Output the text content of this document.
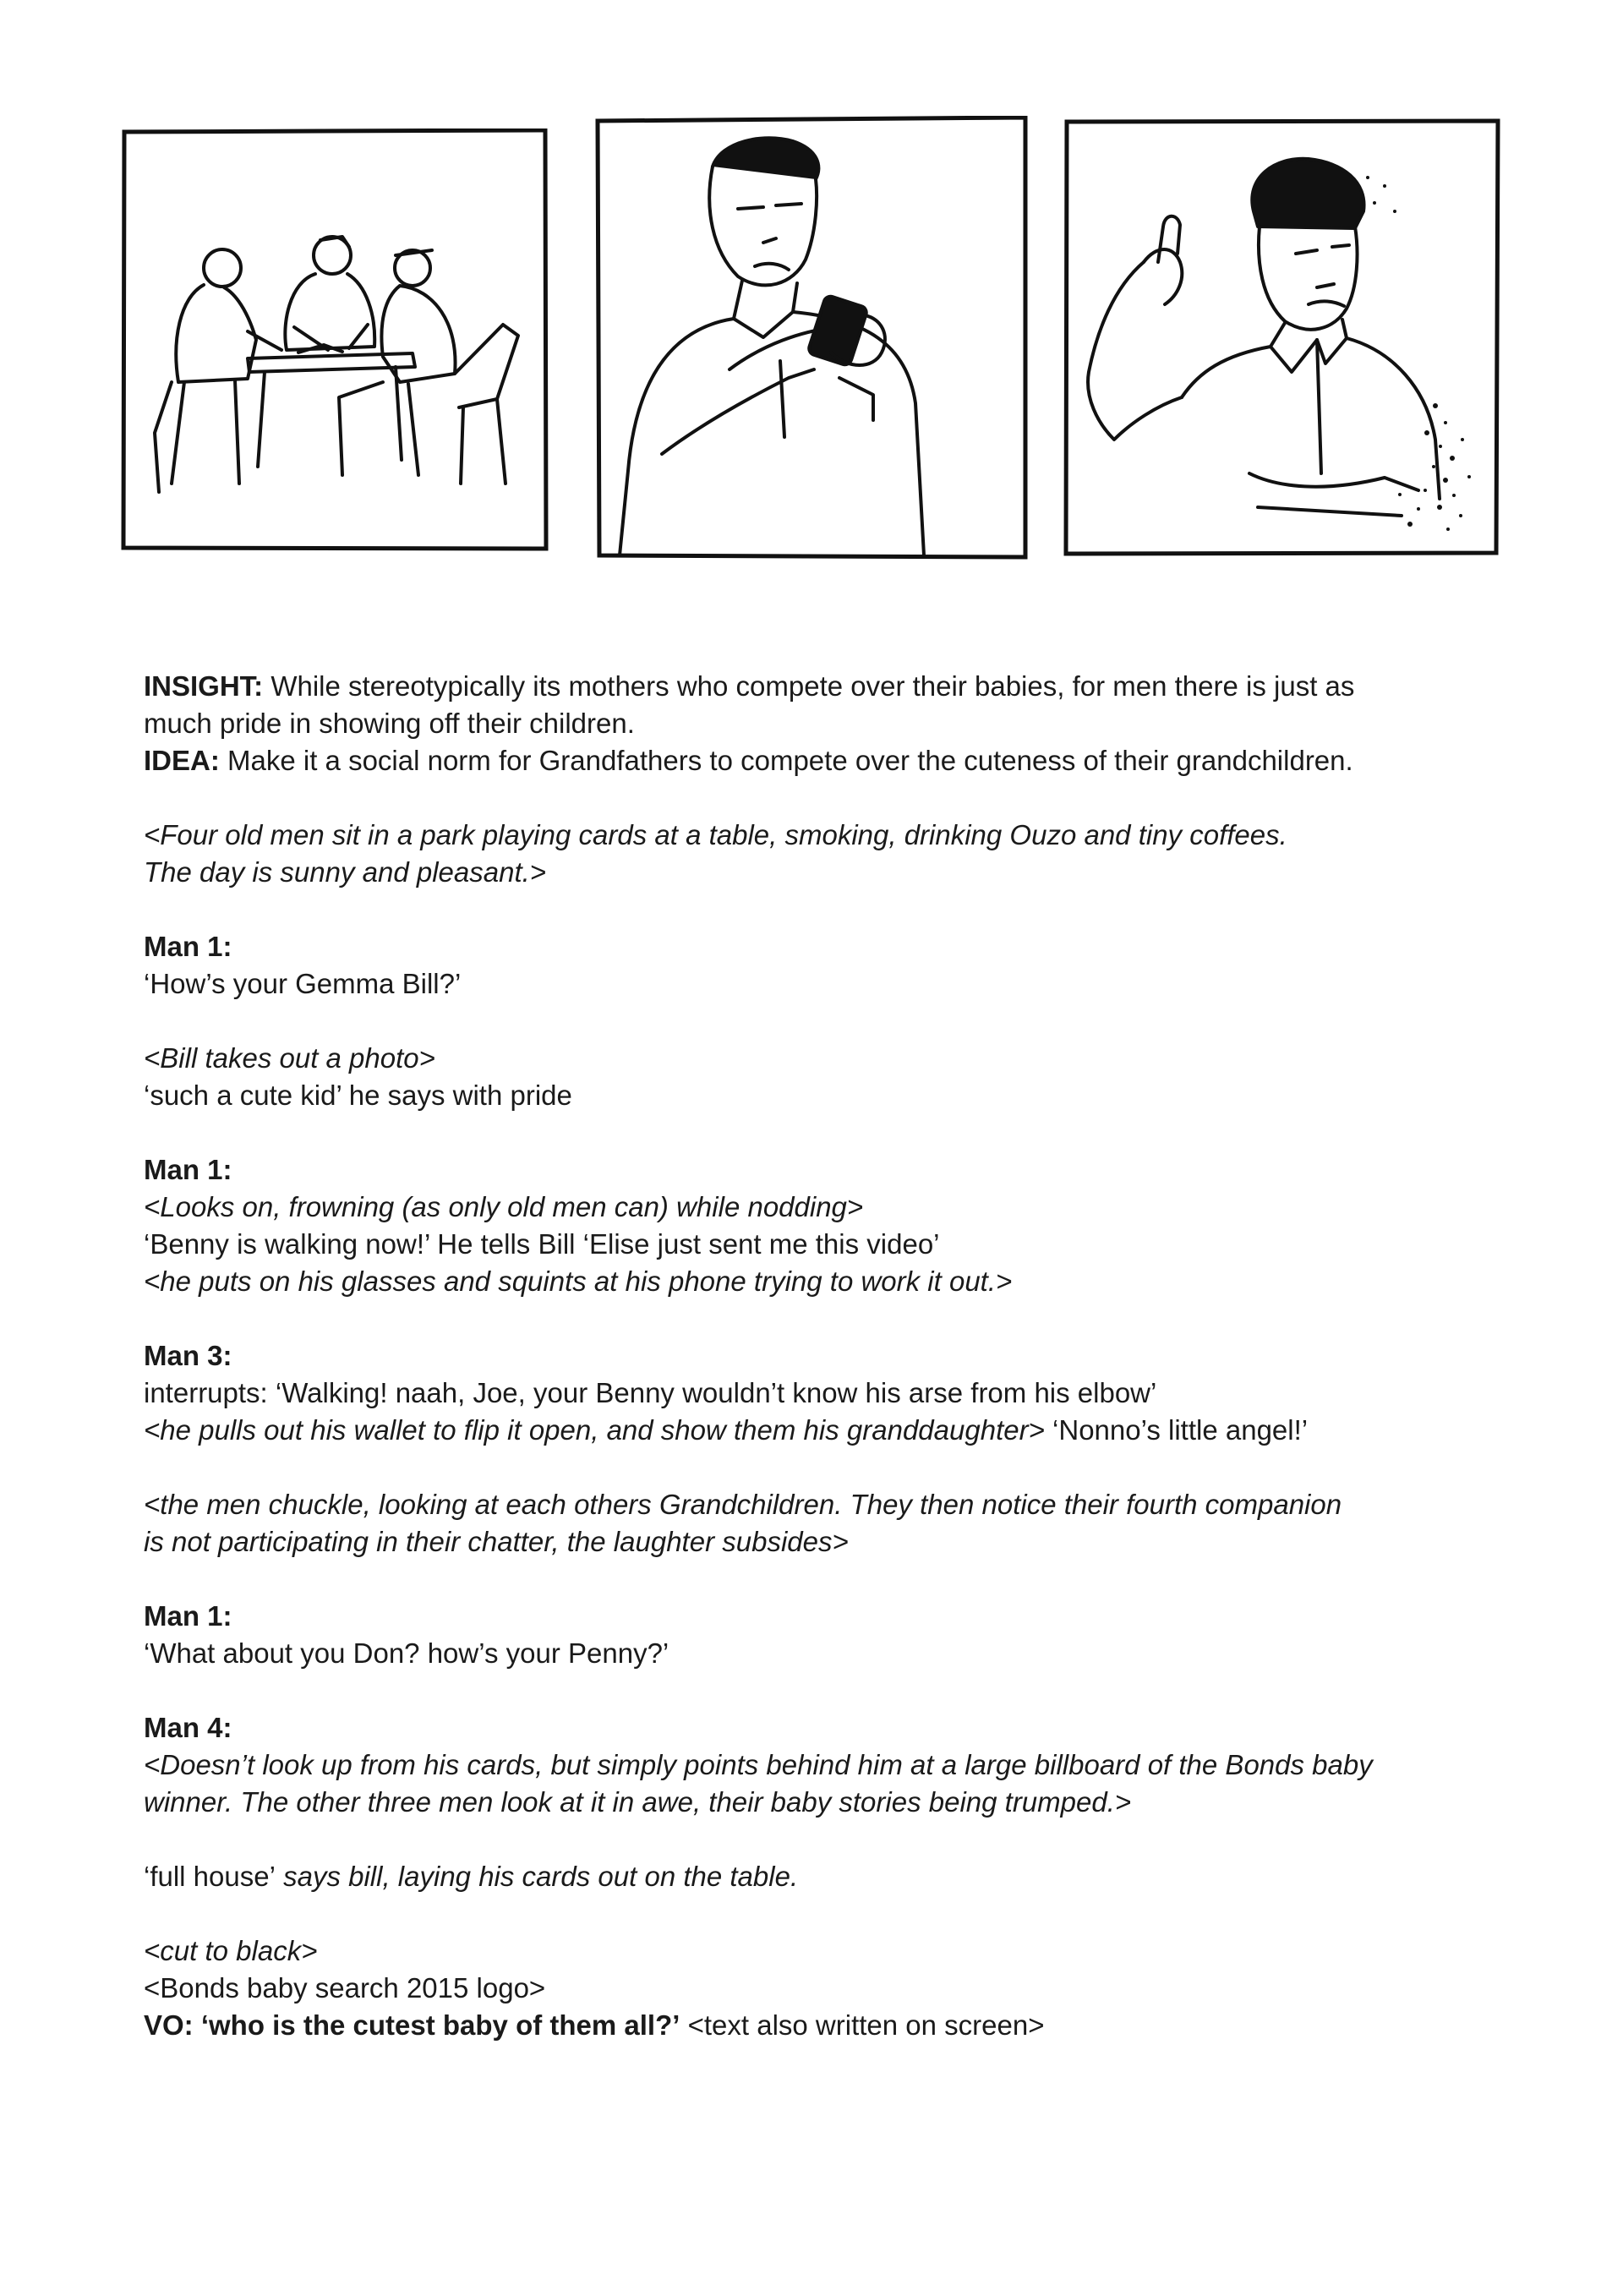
INSIGHT: While stereotypically its mothers who compete over their babies, for men there is just as
much pride in showing off their children.
IDEA: Make it a social norm for Grandfathers to compete over the cuteness of their grandchildren.
<Four old men sit in a park playing cards at a table, smoking, drinking Ouzo and tiny coffees.
The day is sunny and pleasant.>
Man 1:
‘How’s your Gemma Bill?’
<Bill takes out a photo>
‘such a cute kid’ he says with pride
Man 1:
<Looks on, frowning (as only old men can) while nodding>
‘Benny is walking now!’ He tells Bill ‘Elise just sent me this video’
<he puts on his glasses and squints at his phone trying to work it out.>
Man 3:
interrupts: ‘Walking! naah, Joe, your Benny wouldn’t know his arse from his elbow’
<he pulls out his wallet to flip it open, and show them his granddaughter> ‘Nonno’s little angel!’
<the men chuckle, looking at each others Grandchildren. They then notice their fourth companion
is not participating in their chatter, the laughter subsides>
Man 1:
‘What about you Don? how’s your Penny?’
Man 4:
<Doesn’t look up from his cards, but simply points behind him at a large billboard of the Bonds baby
winner. The other three men look at it in awe, their baby stories being trumped.>
‘full house’ says bill, laying his cards out on the table.
<cut to black>
<Bonds baby search 2015 logo>
VO: ‘who is the cutest baby of them all?’ <text also written on screen>
